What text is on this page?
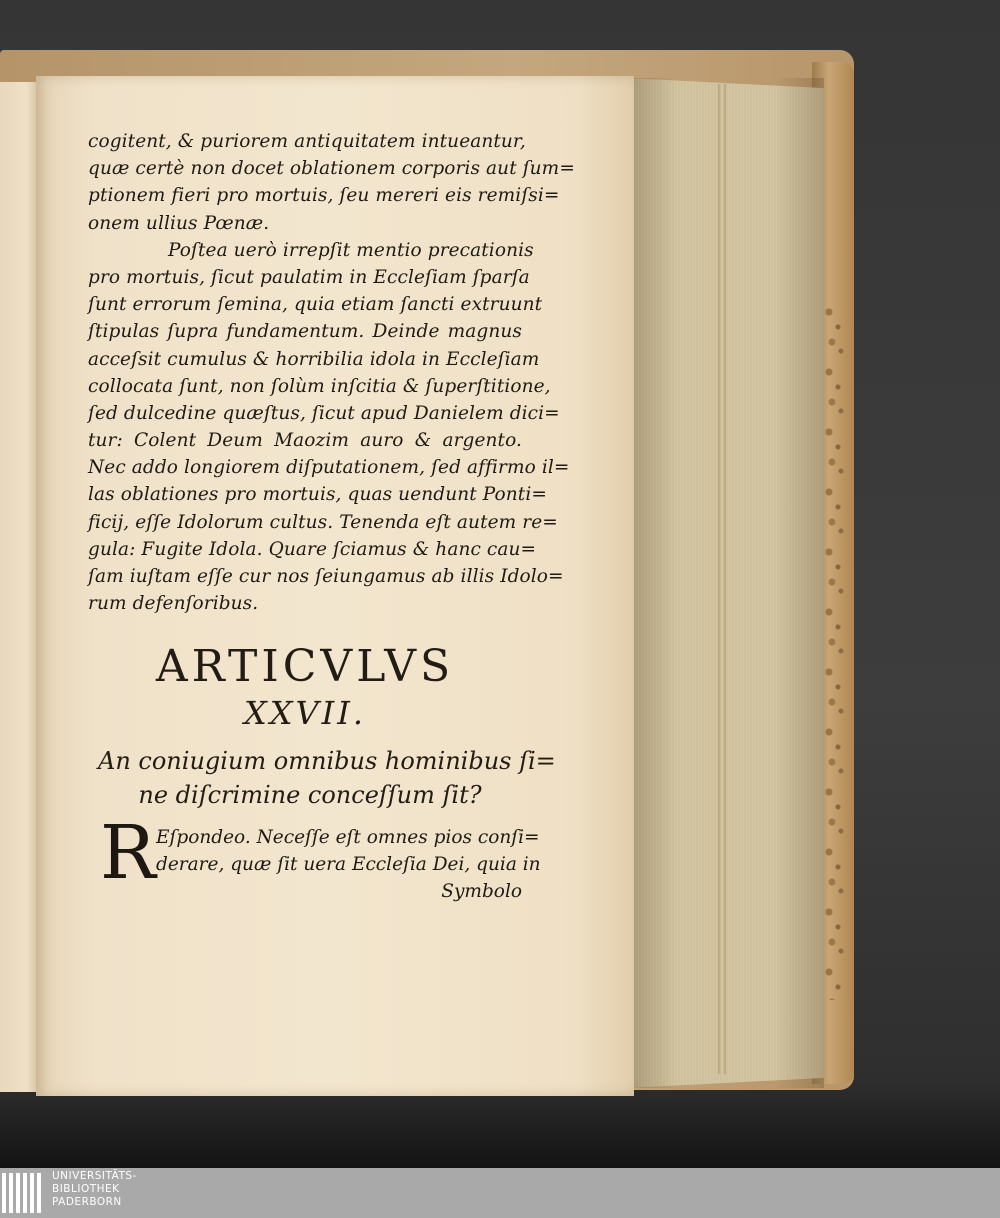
cogitent, & puriorem antiquitatem intueantur,
quæ certè non docet oblationem corporis aut ſum=
ptionem fieri pro mortuis, ſeu mereri eis remiſsi=
onem ullius Pœnæ.
Poſtea uerò irrepſit mentio precationis
pro mortuis, ſicut paulatim in Eccleſiam ſparſa
ſunt errorum ſemina, quia etiam ſancti extruunt
ſtipulas ſupra fundamentum. Deinde magnus
acceſsit cumulus & horribilia idola in Eccleſiam
collocata ſunt, non ſolùm inſcitia & ſuperſtitione,
ſed dulcedine quæſtus, ſicut apud Danielem dici=
tur: Colent Deum Maozim auro & argento.
Nec addo longiorem diſputationem, ſed affirmo il=
las oblationes pro mortuis, quas uendunt Ponti=
ficij, eſſe Idolorum cultus. Tenenda eſt autem re=
gula: Fugite Idola. Quare ſciamus & hanc cau=
ſam iuſtam eſſe cur nos ſeiungamus ab illis Idolo=
rum defenſoribus.
ARTICVLVS
XXVII.
An coniugium omnibus hominibus ſi=
ne diſcrimine conceſſum ſit?
R Eſpondeo. Neceſſe eſt omnes pios conſi=
derare, quæ ſit uera Eccleſia Dei, quia in
Symbolo
UNIVERSITÄTS-
BIBLIOTHEK
PADERBORN
